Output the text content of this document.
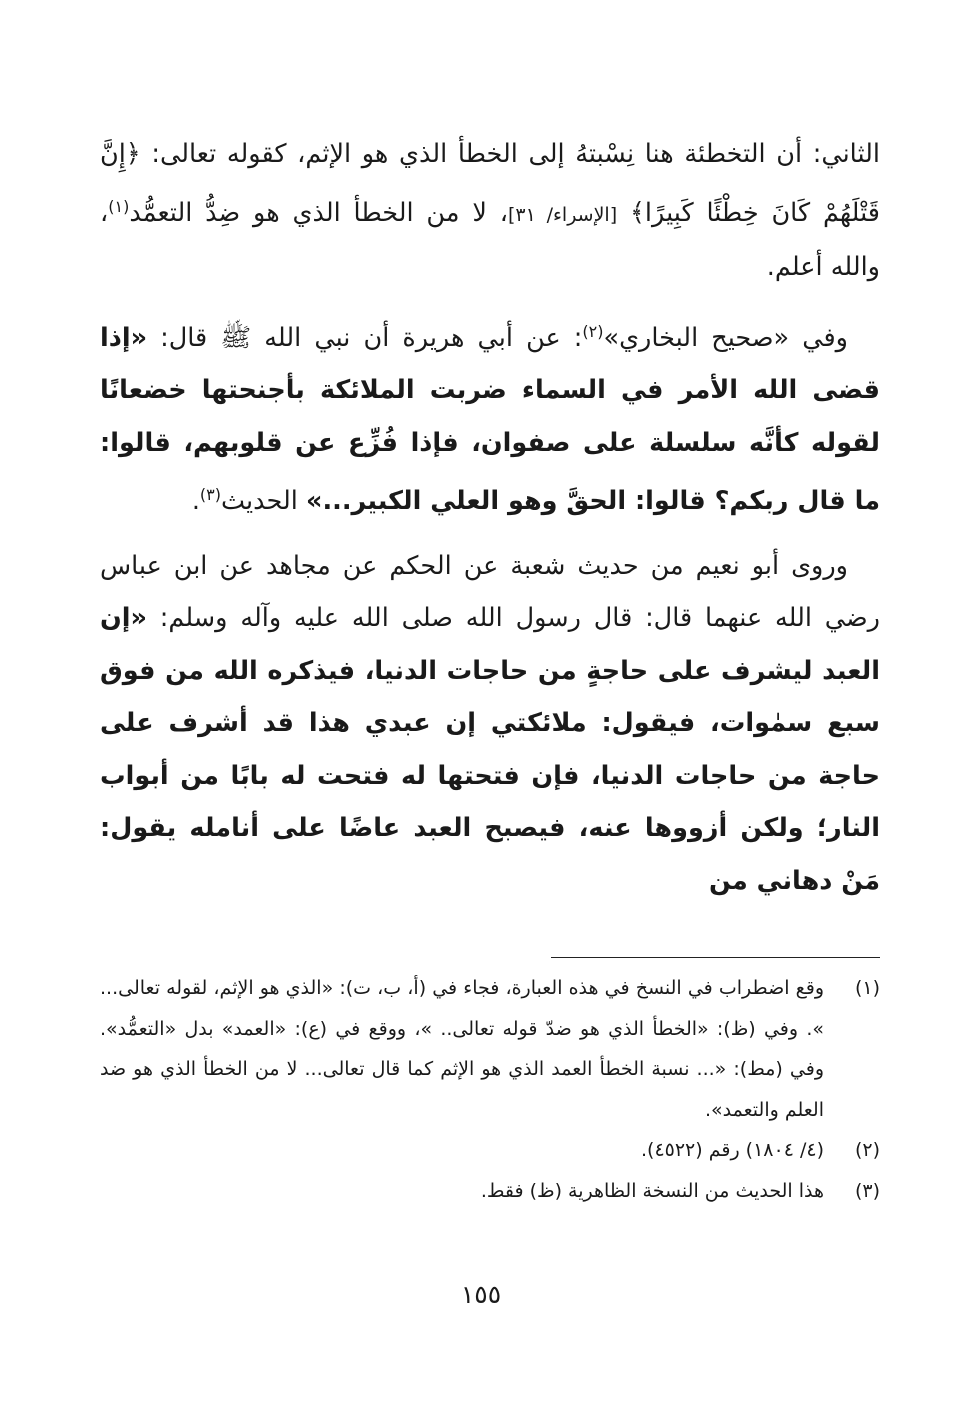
الثاني: أن التخطئة هنا نِسْبتهُ إلى الخطأ الذي هو الإثم، كقوله تعالى: ﴿إِنَّ قَتْلَهُمْ كَانَ خِطْئًا كَبِيرًا﴾ [الإسراء/ ٣١]، لا من الخطأ الذي هو ضِدُّ التعمُّد$^{(١)}$، والله أعلم.

وفي «صحيح البخاري»$^{(٢)}$: عن أبي هريرة أن نبي الله ﷺ قال: «إذا قضى الله الأمر في السماء ضربت الملائكة بأجنحتها خضعانًا لقوله كأنَّه سلسلة على صفوان، فإذا فُزِّع عن قلوبهم، قالوا: ما قال ربكم؟ قالوا: الحقَّ وهو العلي الكبير...» الحديث$^{(٣)}$.

وروى أبو نعيم من حديث شعبة عن الحكم عن مجاهد عن ابن عباس رضي الله عنهما قال: قال رسول الله صلى الله عليه وآله وسلم: «إن العبد ليشرف على حاجةٍ من حاجات الدنيا، فيذكره الله من فوق سبع سمٰوات، فيقول: ملائكتي إن عبدي هذا قد أشرف على حاجة من حاجات الدنيا، فإن فتحتها له فتحت له بابًا من أبواب النار؛ ولكن أزووها عنه، فيصبح العبد عاضًا على أنامله يقول: مَنْ دهاني من

(١)
وقع اضطراب في النسخ في هذه العبارة، فجاء في (أ، ب، ت): «الذي هو الإثم، لقوله تعالى... ». وفي (ظ): «الخطأ الذي هو ضدّ قوله تعالى.. »، ووقع في (ع): «العمد» بدل «التعمُّد». وفي (مط): «... نسبة الخطأ العمد الذي هو الإثم كما قال تعالى... لا من الخطأ الذي هو ضد العلم والتعمد».

(٢)
(٤/ ١٨٠٤) رقم (٤٥٢٢).

(٣)
هذا الحديث من النسخة الظاهرية (ظ) فقط.

١٥٥
